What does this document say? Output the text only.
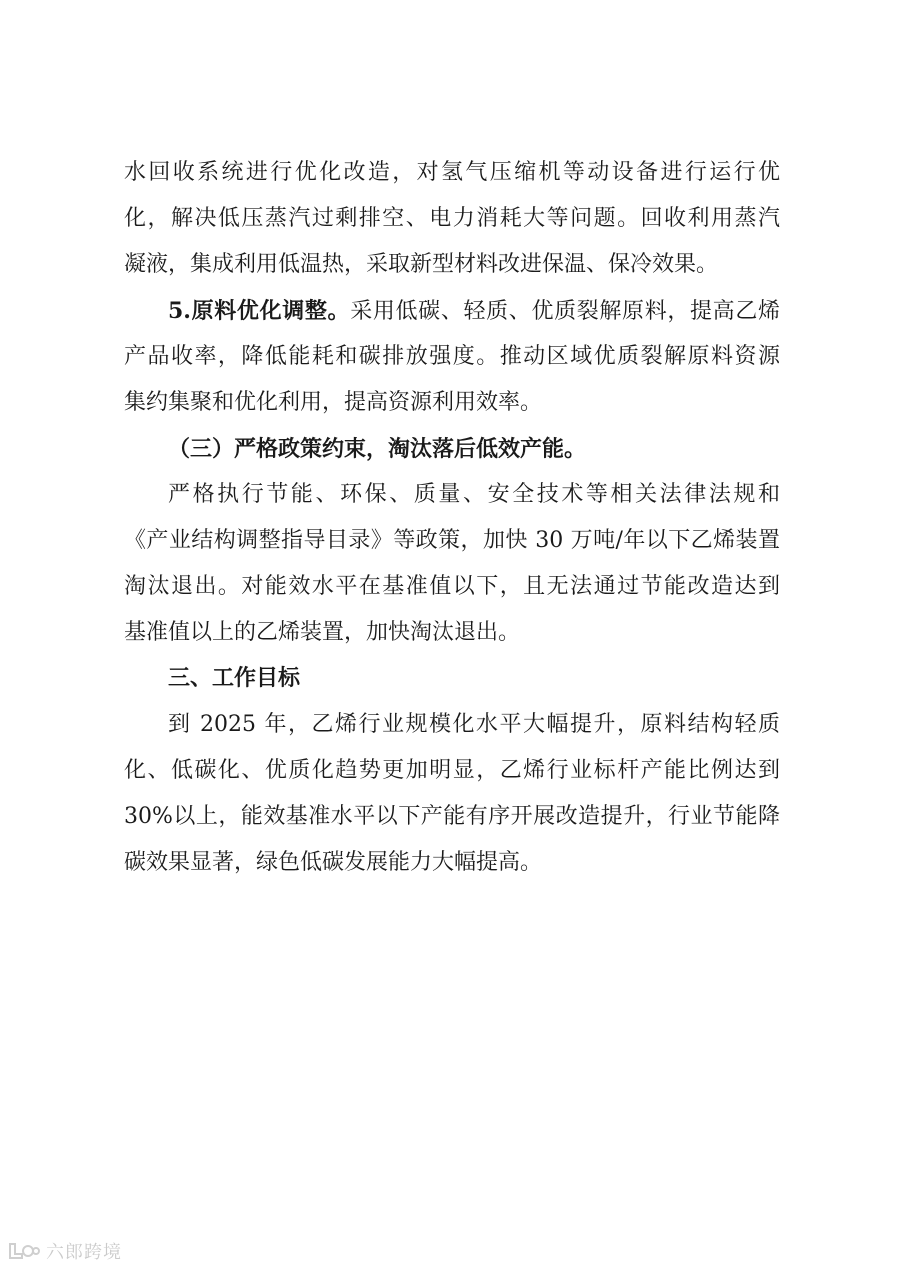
水回收系统进行优化改造，对氢气压缩机等动设备进行运行优

化，解决低压蒸汽过剩排空、电力消耗大等问题。回收利用蒸汽

凝液，集成利用低温热，采取新型材料改进保温、保冷效果。

5.原料优化调整。采用低碳、轻质、优质裂解原料，提高乙烯

产品收率，降低能耗和碳排放强度。推动区域优质裂解原料资源

集约集聚和优化利用，提高资源利用效率。

（三）严格政策约束，淘汰落后低效产能。

严格执行节能、环保、质量、安全技术等相关法律法规和

《产业结构调整指导目录》等政策，加快 30 万吨/年以下乙烯装置

淘汰退出。对能效水平在基准值以下，且无法通过节能改造达到

基准值以上的乙烯装置，加快淘汰退出。

三、工作目标

到 2025 年，乙烯行业规模化水平大幅提升，原料结构轻质

化、低碳化、优质化趋势更加明显，乙烯行业标杆产能比例达到

30%以上，能效基准水平以下产能有序开展改造提升，行业节能降

碳效果显著，绿色低碳发展能力大幅提高。

六郎跨境
